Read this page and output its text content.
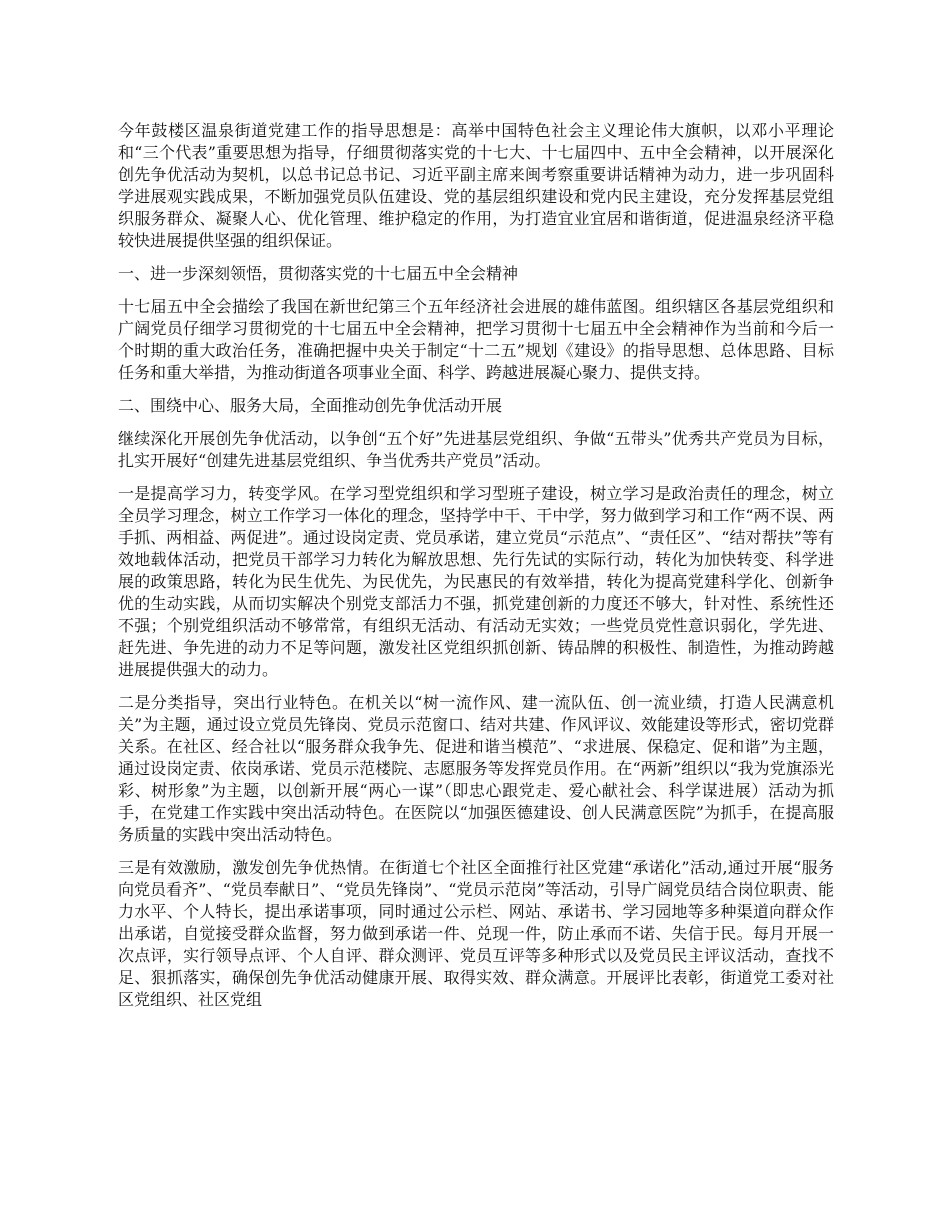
今年鼓楼区温泉街道党建工作的指导思想是：高举中国特色社会主义理论伟大旗帜，以邓小平理论和“三个代表”重要思想为指导，仔细贯彻落实党的十七大、十七届四中、五中全会精神，以开展深化创先争优活动为契机，以总书记总书记、习近平副主席来闽考察重要讲话精神为动力，进一步巩固科学进展观实践成果，不断加强党员队伍建设、党的基层组织建设和党内民主建设，充分发挥基层党组织服务群众、凝聚人心、优化管理、维护稳定的作用，为打造宜业宜居和谐街道，促进温泉经济平稳较快进展提供坚强的组织保证。

一、进一步深刻领悟，贯彻落实党的十七届五中全会精神

十七届五中全会描绘了我国在新世纪第三个五年经济社会进展的雄伟蓝图。组织辖区各基层党组织和广阔党员仔细学习贯彻党的十七届五中全会精神，把学习贯彻十七届五中全会精神作为当前和今后一个时期的重大政治任务，准确把握中央关于制定“十二五”规划《建设》的指导思想、总体思路、目标任务和重大举措，为推动街道各项事业全面、科学、跨越进展凝心聚力、提供支持。

二、围绕中心、服务大局，全面推动创先争优活动开展

继续深化开展创先争优活动，以争创“五个好”先进基层党组织、争做“五带头”优秀共产党员为目标，扎实开展好“创建先进基层党组织、争当优秀共产党员”活动。

一是提高学习力，转变学风。在学习型党组织和学习型班子建设，树立学习是政治责任的理念，树立全员学习理念，树立工作学习一体化的理念，坚持学中干、干中学，努力做到学习和工作“两不误、两手抓、两相益、两促进”。通过设岗定责、党员承诺，建立党员“示范点”、“责任区”、“结对帮扶”等有效地载体活动，把党员干部学习力转化为解放思想、先行先试的实际行动，转化为加快转变、科学进展的政策思路，转化为民生优先、为民优先，为民惠民的有效举措，转化为提高党建科学化、创新争优的生动实践，从而切实解决个别党支部活力不强，抓党建创新的力度还不够大，针对性、系统性还不强；个别党组织活动不够常常，有组织无活动、有活动无实效；一些党员党性意识弱化，学先进、赶先进、争先进的动力不足等问题，激发社区党组织抓创新、铸品牌的积极性、制造性，为推动跨越进展提供强大的动力。

二是分类指导，突出行业特色。在机关以“树一流作风、建一流队伍、创一流业绩，打造人民满意机关”为主题，通过设立党员先锋岗、党员示范窗口、结对共建、作风评议、效能建设等形式，密切党群关系。在社区、经合社以“服务群众我争先、促进和谐当模范”、“求进展、保稳定、促和谐”为主题，通过设岗定责、依岗承诺、党员示范楼院、志愿服务等发挥党员作用。在“两新”组织以“我为党旗添光彩、树形象”为主题，以创新开展“两心一谋”（即忠心跟党走、爱心献社会、科学谋进展）活动为抓手，在党建工作实践中突出活动特色。在医院以“加强医德建设、创人民满意医院”为抓手，在提高服务质量的实践中突出活动特色。

三是有效激励，激发创先争优热情。在街道七个社区全面推行社区党建“承诺化”活动,通过开展“服务向党员看齐”、“党员奉献日”、“党员先锋岗”、“党员示范岗”等活动，引导广阔党员结合岗位职责、能力水平、个人特长，提出承诺事项，同时通过公示栏、网站、承诺书、学习园地等多种渠道向群众作出承诺，自觉接受群众监督，努力做到承诺一件、兑现一件，防止承而不诺、失信于民。每月开展一次点评，实行领导点评、个人自评、群众测评、党员互评等多种形式以及党员民主评议活动，查找不足、狠抓落实，确保创先争优活动健康开展、取得实效、群众满意。开展评比表彰，街道党工委对社区党组织、社区党组
